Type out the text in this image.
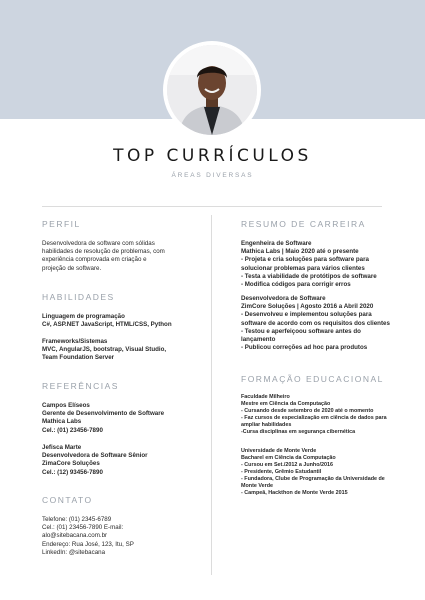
TOP CURRÍCULOS
ÁREAS DIVERSAS
PERFIL
Desenvolvedora de software com sólidas
habilidades de resolução de problemas, com
experiência comprovada em criação e
projeção de software.
HABILIDADES
Linguagem de programação
C#, ASP.NET JavaScript, HTML/CSS, Python
Frameworks/Sistemas
MVC, AngularJS, bootstrap, Visual Studio,
Team Foundation Server
REFERÊNCIAS
Campos Elíseos
Gerente de Desenvolvimento de Software
Mathica Labs
Cel.: (01) 23456-7890
Jefisca Marte
Desenvolvedora de Software Sênior
ZimaCore Soluções
Cel.: (12) 93456-7890
CONTATO
Telefone: (01) 2345-6789
Cel.: (01) 23456-7890 E-mail:
alo@sitebacana.com.br
Endereço: Rua José, 123, Itu, SP
LinkedIn: @sitebacana
RESUMO DE CARREIRA
Engenheira de Software
Mathica Labs | Maio 2020 até o presente
- Projeta e cria soluções para software para
solucionar problemas para vários clientes
- Testa a viabilidade de protótipos de software
- Modifica códigos para corrigir erros
Desenvolvedora de Software
ZimCore Soluções | Agosto 2016 a Abril 2020
- Desenvolveu e implementou soluções para
software de acordo com os requisitos dos clientes
- Testou e aperfeiçoou software antes do
lançamento
- Publicou correções ad hoc para produtos
FORMAÇÃO EDUCACIONAL
Faculdade Milheiro
Mestre em Ciência da Computação
- Cursando desde setembro de 2020 até o momento
- Faz cursos de especialização em ciência de dados para
ampliar habilidades
-Cursa disciplinas em segurança cibernética
Universidade de Monte Verde
Bacharel em Ciência da Computação
- Cursou em Set./2012 a Junho/2016
- Presidente, Grêmio Estudantil
- Fundadora, Clube de Programação da Universidade de
Monte Verde
- Campeã, Hackthon de Monte Verde 2015
